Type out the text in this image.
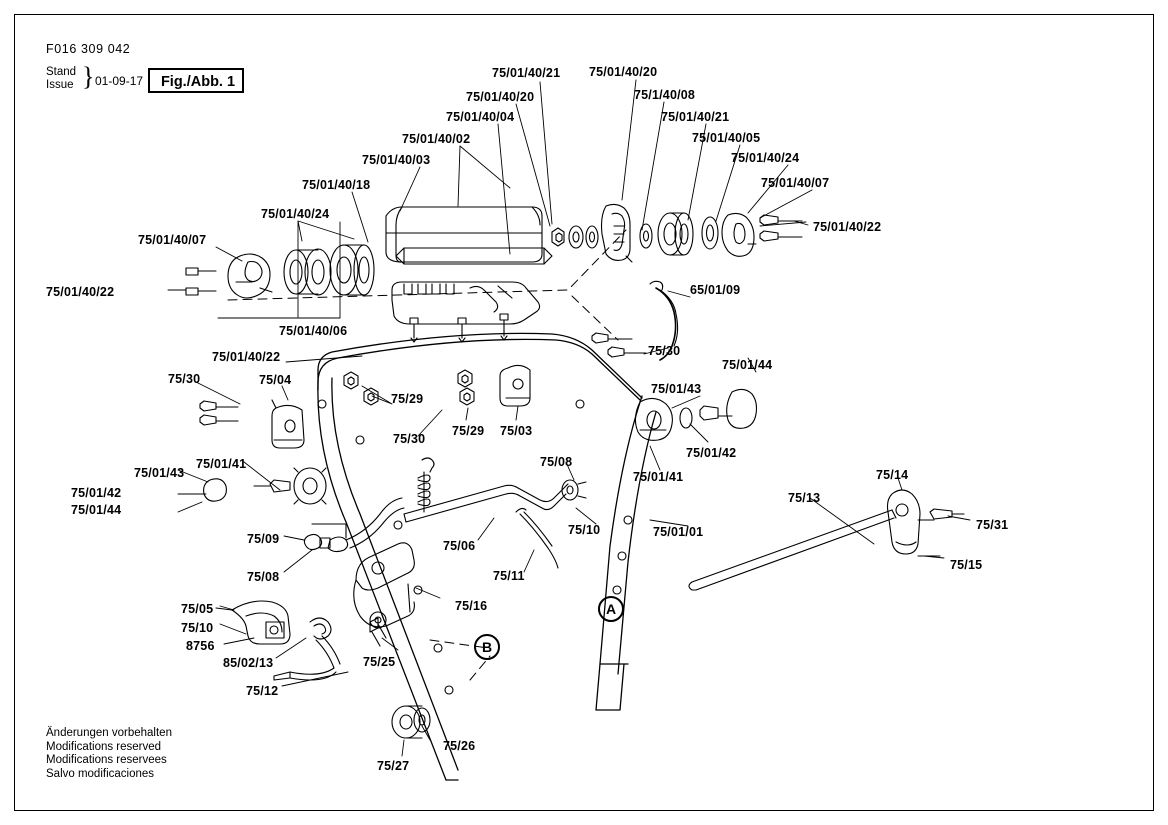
F016 309 042
Stand
Issue } 01-09-17	Fig./Abb. 1
A
B
75/01/40/21 75/01/40/20
75/01/40/20	75/1/40/08
75/01/40/04	75/01/40/21
75/01/40/02	75/01/40/05
75/01/40/03	75/01/40/24
75/01/40/18	75/01/40/07
75/01/40/24
75/01/40/22
75/01/40/07
75/01/40/22
75/01/40/06
65/01/09
75/01/40/22	75/30
75/01/44
75/30	75/04
75/01/43
75/29
75/29 75/03
75/30
75/01/42
75/01/41
75/01/43
75/08
75/01/41	75/14
75/01/42	75/13
75/01/44
75/31
75/10	75/01/01
75/09	75/06
75/15
75/08	75/11
75/16
75/05
75/10
8756
75/25
85/02/13
75/12
75/26
75/27
Änderungen vorbehalten
Modifications reserved
Modifications reservees
Salvo modificaciones
